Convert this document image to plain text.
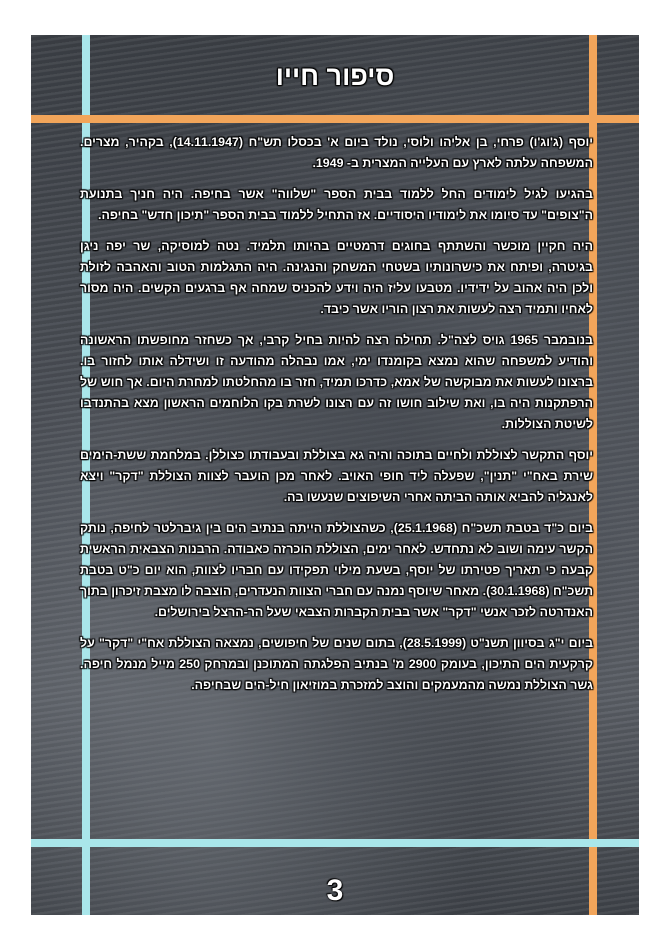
סיפור חייו

יוסף (ג'וג'ו) פרחי, בן אליהו ולוסי, נולד ביום א' בכסלו תש"ח (14.11.1947), בקהיר, מצרים. המשפחה עלתה לארץ עם העלייה המצרית ב- 1949.

בהגיעו לגיל לימודים החל ללמוד בבית הספר "שלווה" אשר בחיפה. היה חניך בתנועת ה"צופים" עד סיומו את לימודיו היסודיים. אז התחיל ללמוד בבית הספר "תיכון חדש" בחיפה.

היה חקיין מוכשר והשתתף בחוגים דרמטיים בהיותו תלמיד. נטה למוסיקה, שר יפה ניגן בגיטרה, ופיתח את כישרונותיו בשטחי המשחק והנגינה. היה התגלמות הטוב והאהבה לזולת ולכן היה אהוב על ידידיו. מטבעו עליז היה וידע להכניס שמחה אף ברגעים הקשים. היה מסור לאחיו ותמיד רצה לעשות את רצון הוריו אשר כיבד.

בנובמבר 1965 גויס לצה"ל. תחילה רצה להיות בחיל קרבי, אך כשחזר מחופשתו הראשונה והודיע למשפחה שהוא נמצא בקומנדו ימי, אמו נבהלה מהודעה זו ושידלה אותו לחזור בו. ברצונו לעשות את מבוקשה של אמא, כדרכו תמיד, חזר בו מהחלטתו למחרת היום. אך חוש של הרפתקנות היה בו, ואת שילוב חושו זה עם רצונו לשרת בקו הלוחמים הראשון מצא בהתנדבו לשיטת הצוללות.

יוסף התקשר לצוללת ולחיים בתוכה והיה גא בצוללת ובעבודתו כצוללן. במלחמת ששת-הימים שירת באח"י "תנין", שפעלה ליד חופי האויב. לאחר מכן הועבר לצוות הצוללת "דקר" ויצא לאנגליה להביא אותה הביתה אחרי השיפוצים שנעשו בה.

ביום כ"ד בטבת תשכ"ח (25.1.1968), כשהצוללת הייתה בנתיב הים בין גיברלטר לחיפה, נותק הקשר עימה ושוב לא נתחדש. לאחר ימים, הצוללת הוכרזה כאבודה. הרבנות הצבאית הראשית קבעה כי תאריך פטירתו של יוסף, בשעת מילוי תפקידו עם חבריו לצוות, הוא יום כ"ט בטבת תשכ"ח (30.1.1968). מאחר שיוסף נמנה עם חברי הצוות הנעדרים, הוצבה לו מצבת זיכרון בתוך האנדרטה לזכר אנשי "דקר" אשר בבית הקברות הצבאי שעל הר-הרצל בירושלים.

ביום י"ג בסיוון תשנ"ט (28.5.1999), בתום שנים של חיפושים, נמצאה הצוללת אח"י "דקר" על קרקעית הים התיכון, בעומק 2900 מ' בנתיב הפלגתה המתוכנן ובמרחק 250 מייל מנמל חיפה. גשר הצוללת נמשה מהמעמקים והוצב למזכרת במוזיאון חיל-הים שבחיפה.

3
